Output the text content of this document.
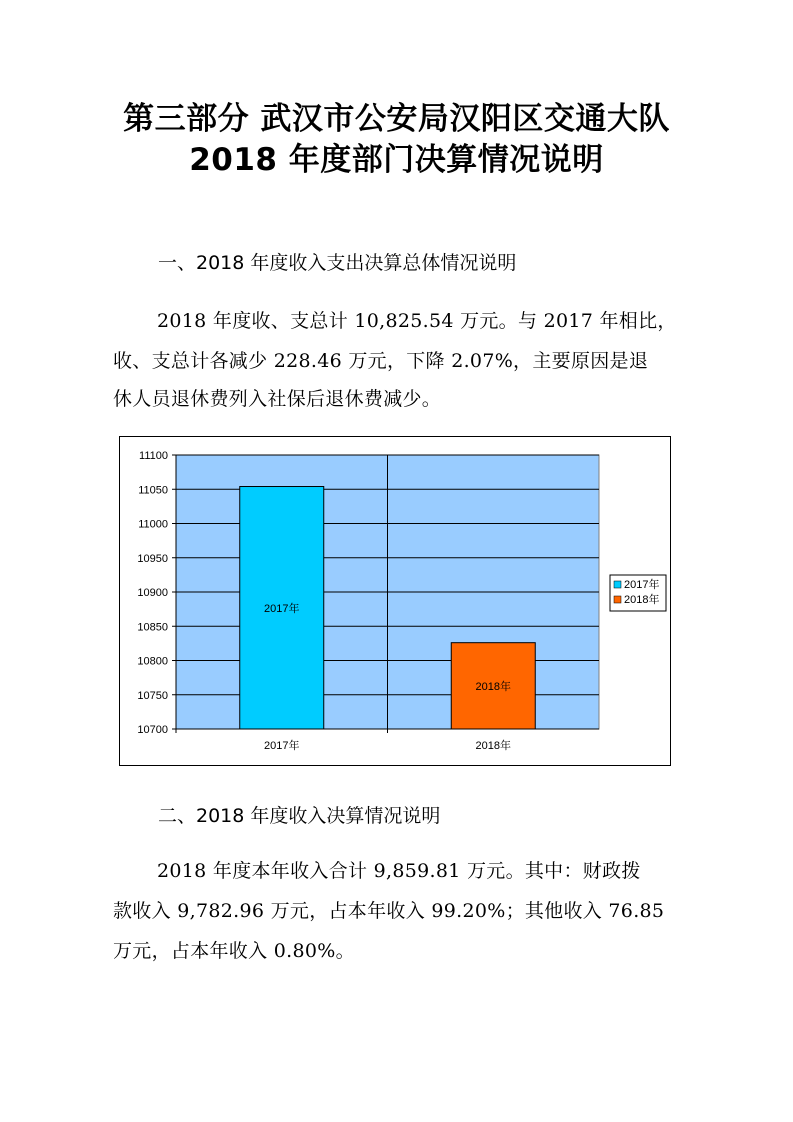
第三部分 武汉市公安局汉阳区交通大队
2018 年度部门决算情况说明
一、2018 年度收入支出决算总体情况说明
2018 年度收、支总计 10,825.54 万元。与 2017 年相比，
收、支总计各减少 228.46 万元，下降 2.07%，主要原因是退
休人员退休费列入社保后退休费减少。
10700
10750
10800
10850
10900
10950
11000
11050
11100
2017年
2018年
2017年	2018年
2017年
2018年
二、2018 年度收入决算情况说明
2018 年度本年收入合计 9,859.81 万元。其中：财政拨
款收入 9,782.96 万元，占本年收入 99.20%；其他收入 76.85
万元，占本年收入 0.80%。
